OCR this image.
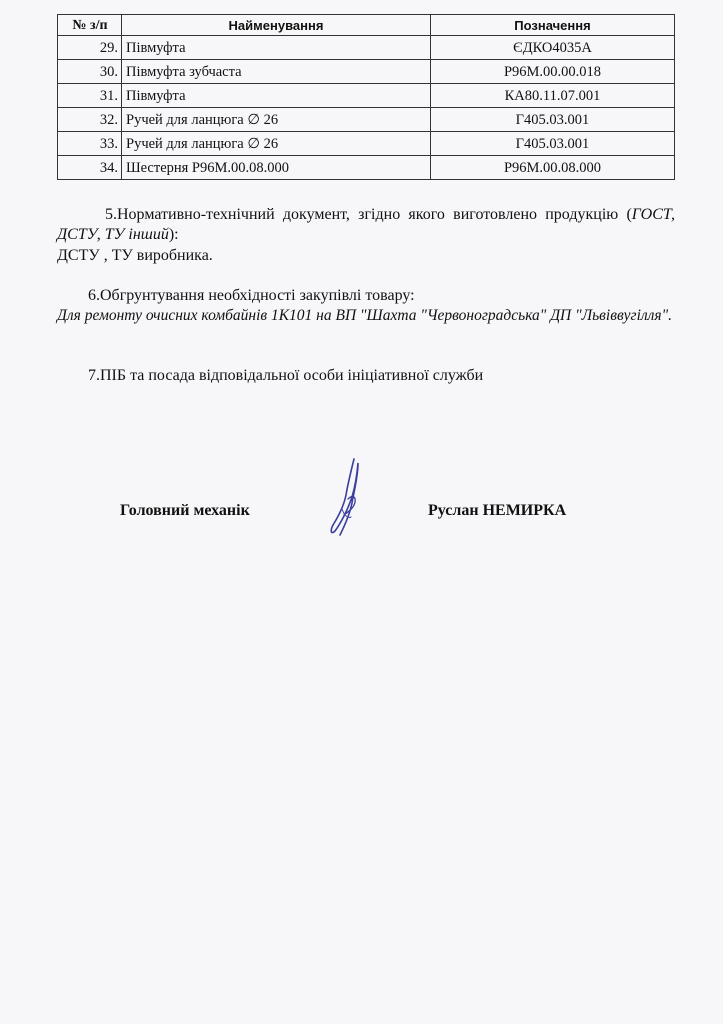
№ з/п	Найменування	Позначення
29.	Півмуфта	ЄДКО4035А
30.	Півмуфта зубчаста	Р96М.00.00.018
31.	Півмуфта	КА80.11.07.001
32.	Ручей для ланцюга ∅ 26	Г405.03.001
33.	Ручей для ланцюга ∅ 26	Г405.03.001
34.	Шестерня Р96М.00.08.000	Р96М.00.08.000
5.Нормативно-технічний документ, згідно якого виготовлено продукцію (ГОСТ, ДСТУ, ТУ інший):
ДСТУ , ТУ виробника.
6.Обгрунтування необхідності закупівлі товару:
Для ремонту очисних комбайнів 1К101 на ВП "Шахта "Червоноградська" ДП "Львіввугілля".
7.ПІБ та посада відповідальної особи ініціативної служби
Головний механік	Руслан НЕМИРКА
